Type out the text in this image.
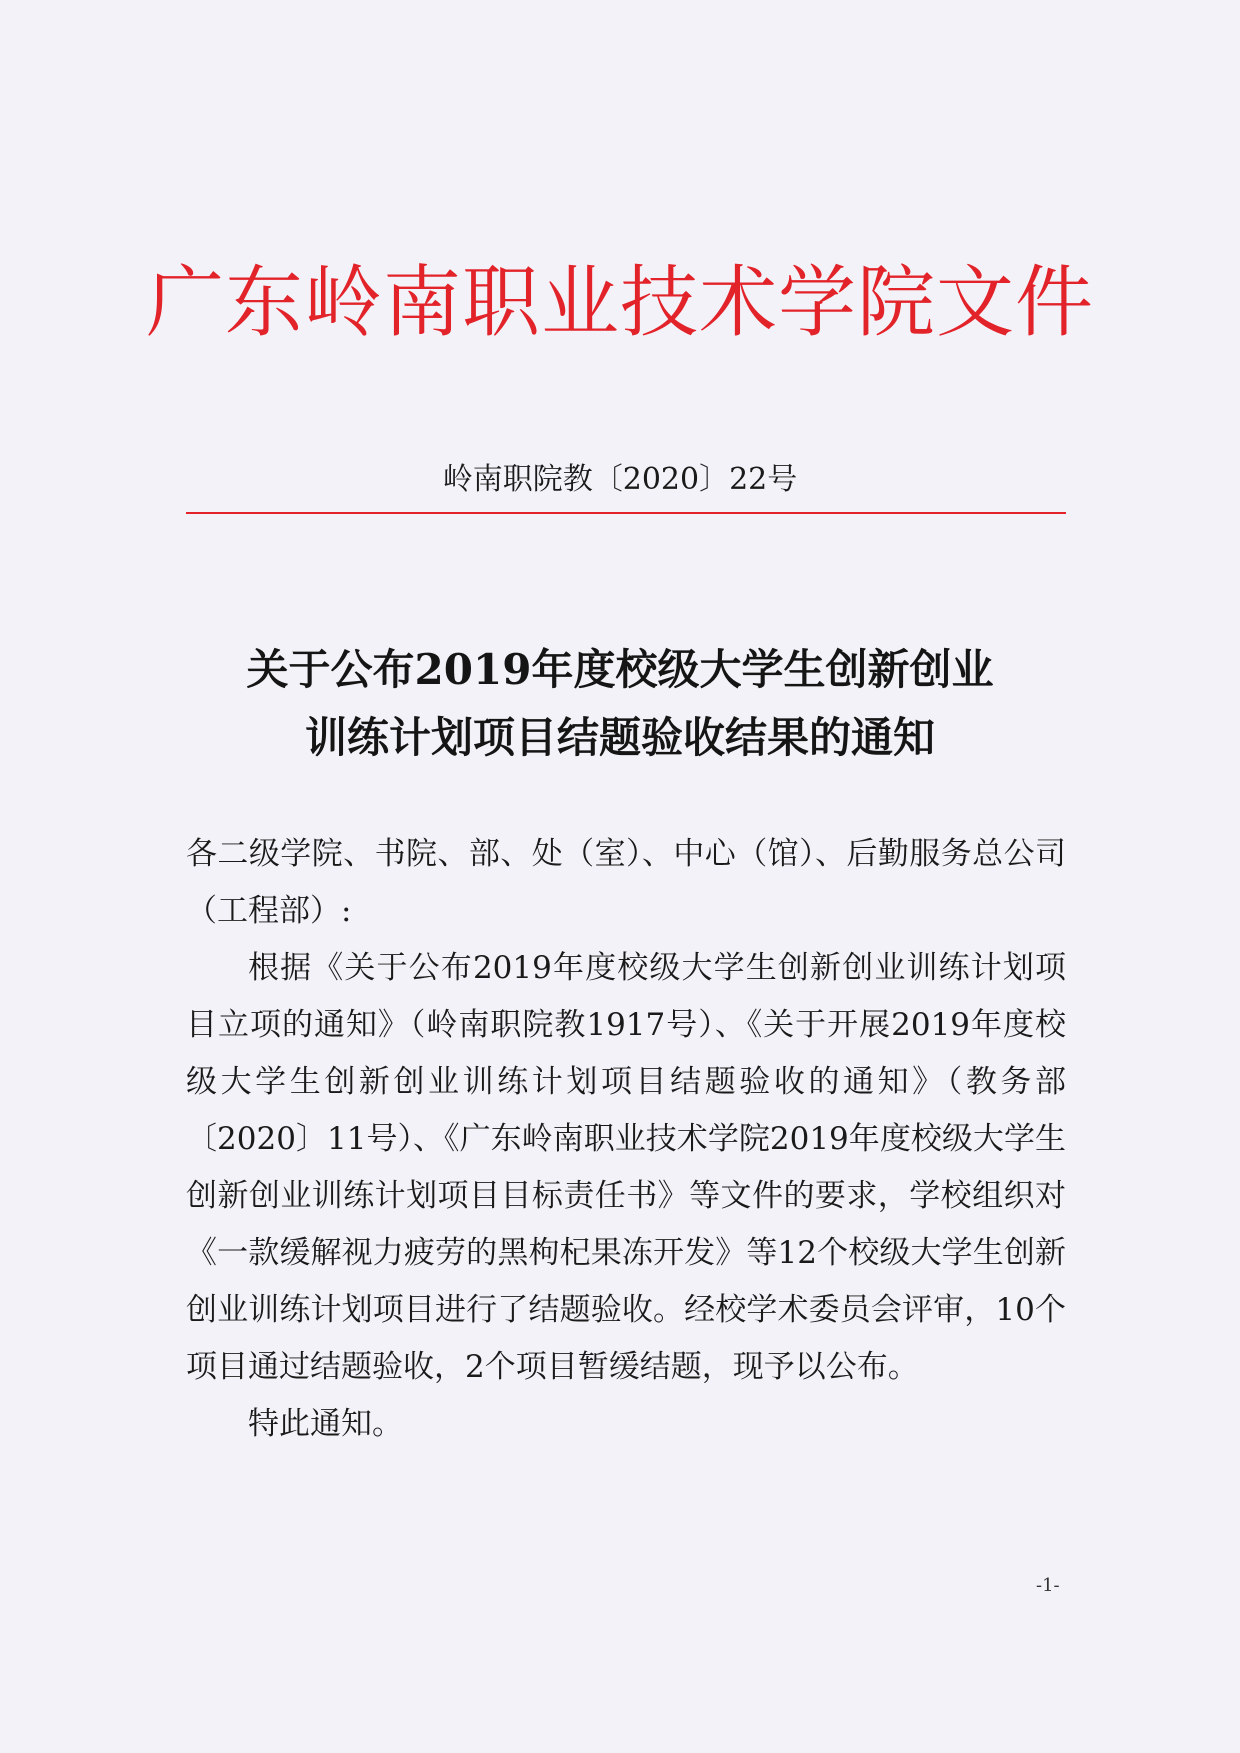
广东岭南职业技术学院文件
岭南职院教〔2020〕22号
关于公布2019年度校级大学生创新创业
训练计划项目结题验收结果的通知

各二级学院、书院、部、处（室）、中心（馆）、后勤服务总公司（工程部）:

根据《关于公布2019年度校级大学生创新创业训练计划项目立项的通知》（岭南职院教1917号）、《关于开展2019年度校级大学生创新创业训练计划项目结题验收的通知》（教务部〔2020〕11号）、《广东岭南职业技术学院2019年度校级大学生创新创业训练计划项目目标责任书》等文件的要求，学校组织对《一款缓解视力疲劳的黑枸杞果冻开发》等12个校级大学生创新创业训练计划项目进行了结题验收。经校学术委员会评审，10个项目通过结题验收，2个项目暂缓结题，现予以公布。

特此通知。

-1-
